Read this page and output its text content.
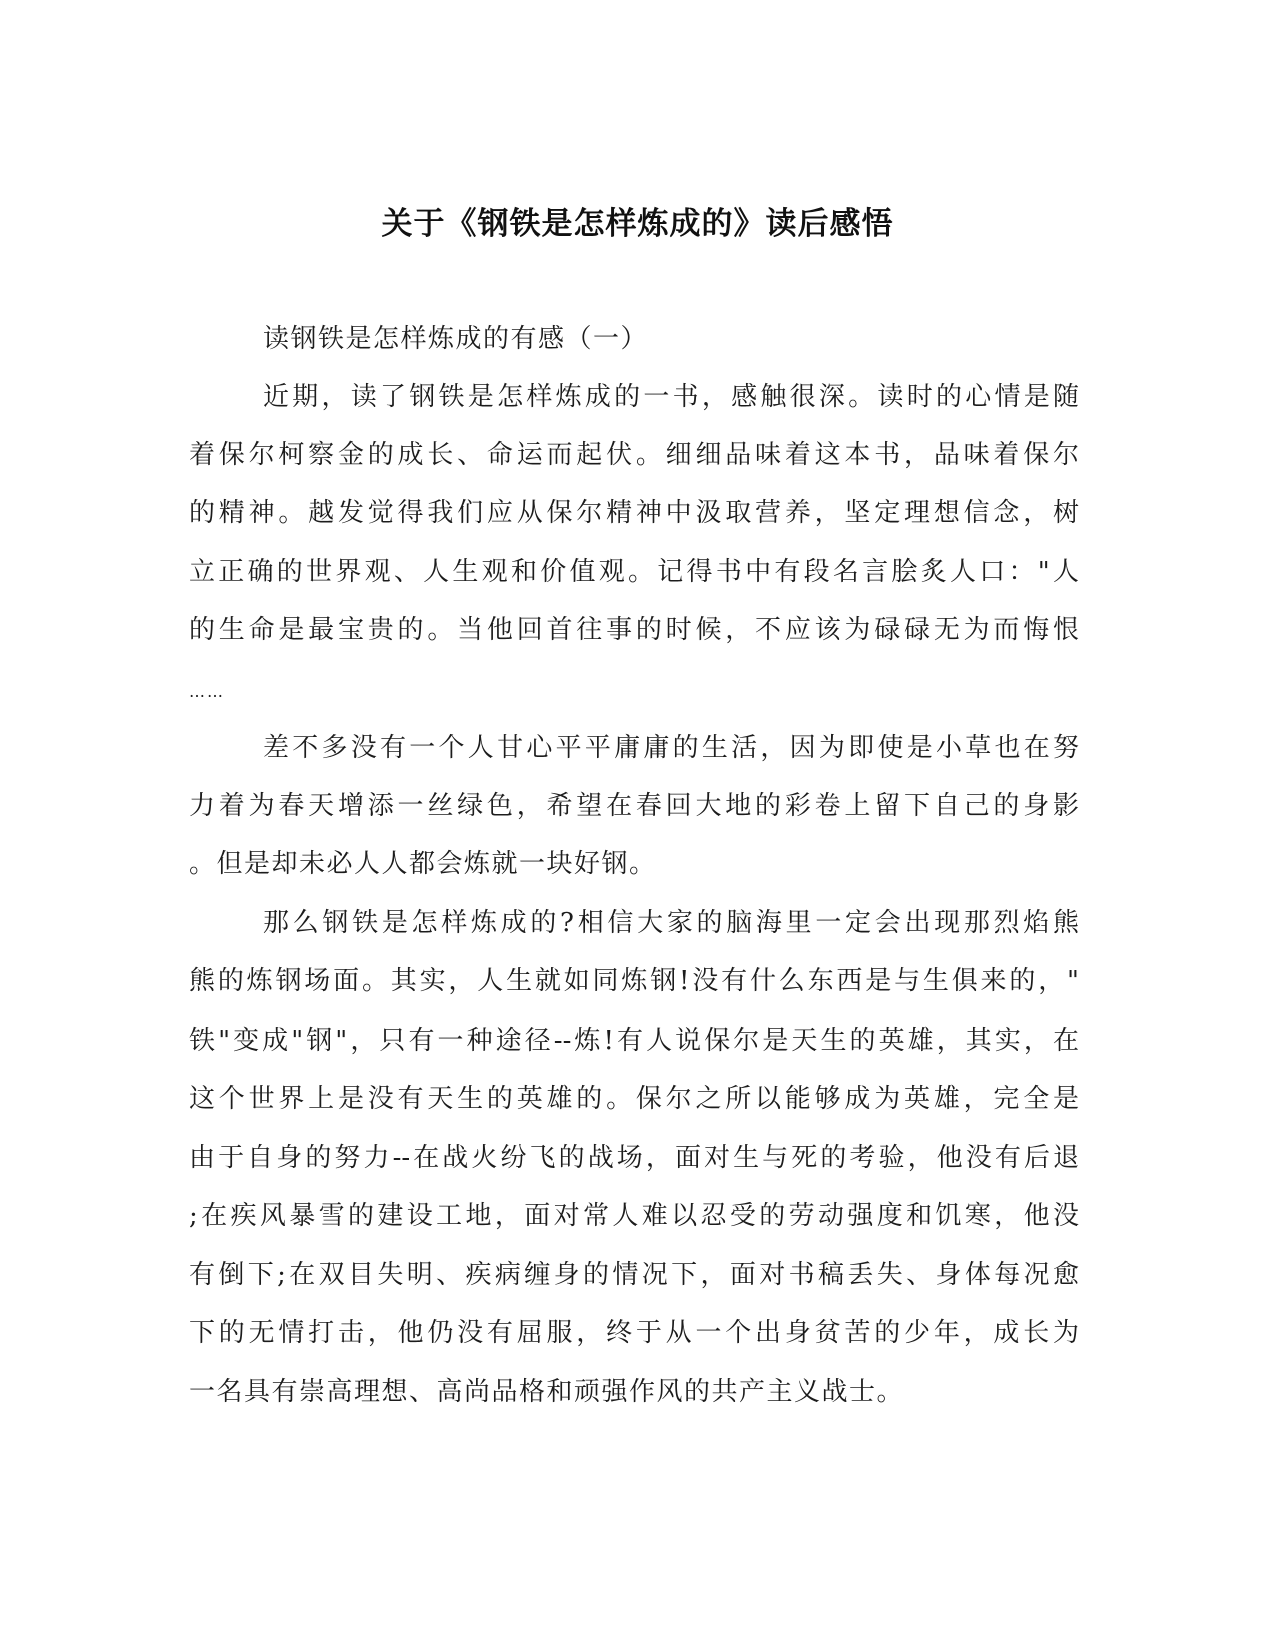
关于《钢铁是怎样炼成的》读后感悟
读钢铁是怎样炼成的有感（一）
近期，读了钢铁是怎样炼成的一书，感触很深。读时的心情是随
着保尔柯察金的成长、命运而起伏。细细品味着这本书，品味着保尔
的精神。越发觉得我们应从保尔精神中汲取营养，坚定理想信念，树
立正确的世界观、人生观和价值观。记得书中有段名言脍炙人口："人
的生命是最宝贵的。当他回首往事的时候，不应该为碌碌无为而悔恨
……
差不多没有一个人甘心平平庸庸的生活，因为即使是小草也在努
力着为春天增添一丝绿色，希望在春回大地的彩卷上留下自己的身影
。但是却未必人人都会炼就一块好钢。
那么钢铁是怎样炼成的?相信大家的脑海里一定会出现那烈焰熊
熊的炼钢场面。其实，人生就如同炼钢!没有什么东西是与生俱来的，"
铁"变成"钢"，只有一种途径--炼!有人说保尔是天生的英雄，其实，在
这个世界上是没有天生的英雄的。保尔之所以能够成为英雄，完全是
由于自身的努力--在战火纷飞的战场，面对生与死的考验，他没有后退
;在疾风暴雪的建设工地，面对常人难以忍受的劳动强度和饥寒，他没
有倒下;在双目失明、疾病缠身的情况下，面对书稿丢失、身体每况愈
下的无情打击，他仍没有屈服，终于从一个出身贫苦的少年，成长为
一名具有崇高理想、高尚品格和顽强作风的共产主义战士。
